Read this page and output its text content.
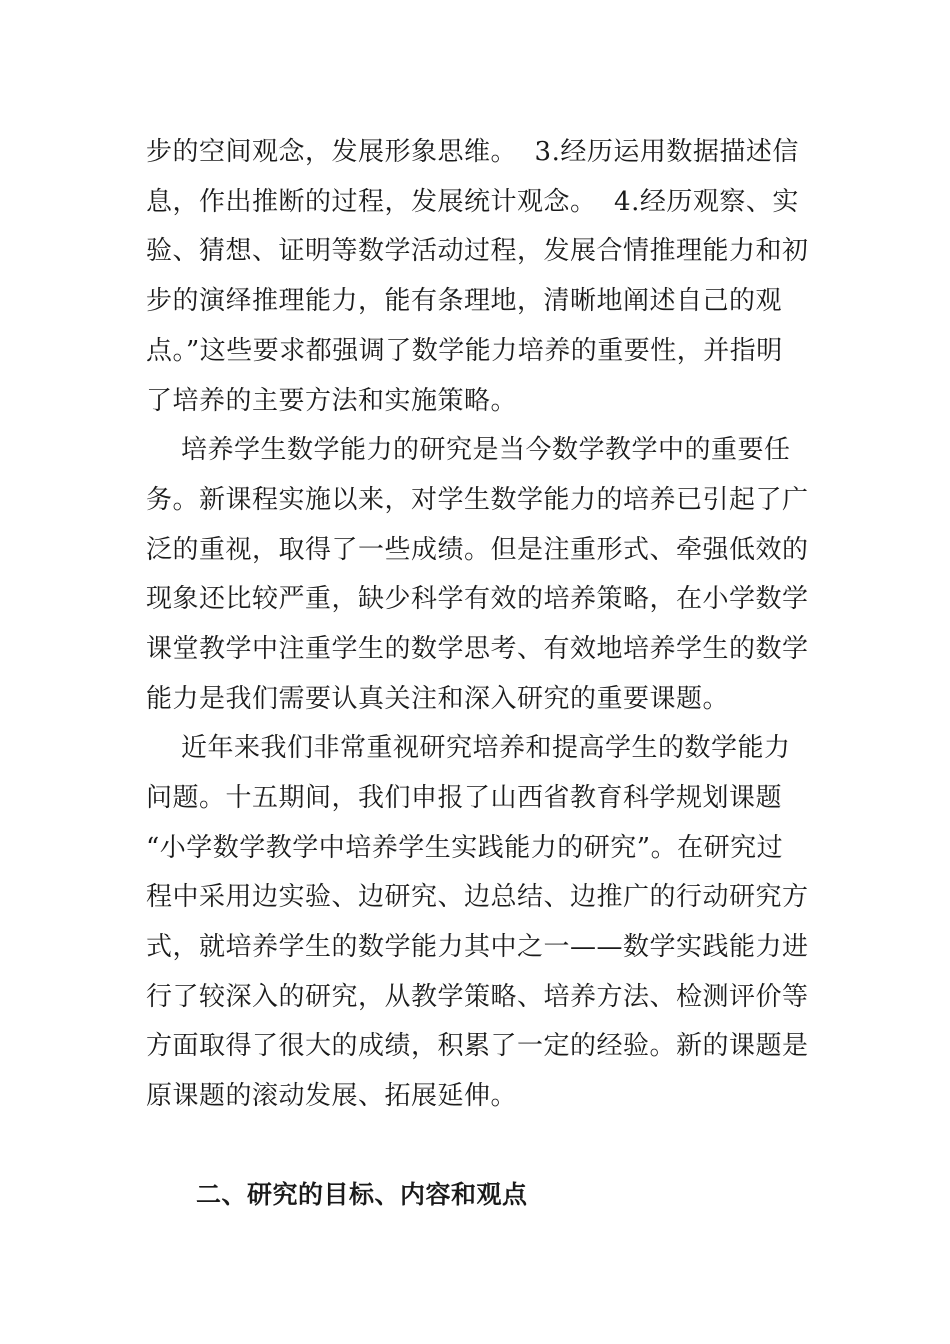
步的空间观念，发展形象思维。  3.经历运用数据描述信
息，作出推断的过程，发展统计观念。  4.经历观察、实
验、猜想、证明等数学活动过程，发展合情推理能力和初
步的演绎推理能力，能有条理地，清晰地阐述自己的观
点。”这些要求都强调了数学能力培养的重要性，并指明
了培养的主要方法和实施策略。
培养学生数学能力的研究是当今数学教学中的重要任
务。新课程实施以来，对学生数学能力的培养已引起了广
泛的重视，取得了一些成绩。但是注重形式、牵强低效的
现象还比较严重，缺少科学有效的培养策略，在小学数学
课堂教学中注重学生的数学思考、有效地培养学生的数学
能力是我们需要认真关注和深入研究的重要课题。
近年来我们非常重视研究培养和提高学生的数学能力
问题。十五期间，我们申报了山西省教育科学规划课题
“小学数学教学中培养学生实践能力的研究”。在研究过
程中采用边实验、边研究、边总结、边推广的行动研究方
式，就培养学生的数学能力其中之一——数学实践能力进
行了较深入的研究，从教学策略、培养方法、检测评价等
方面取得了很大的成绩，积累了一定的经验。新的课题是
原课题的滚动发展、拓展延伸。
二、研究的目标、内容和观点
